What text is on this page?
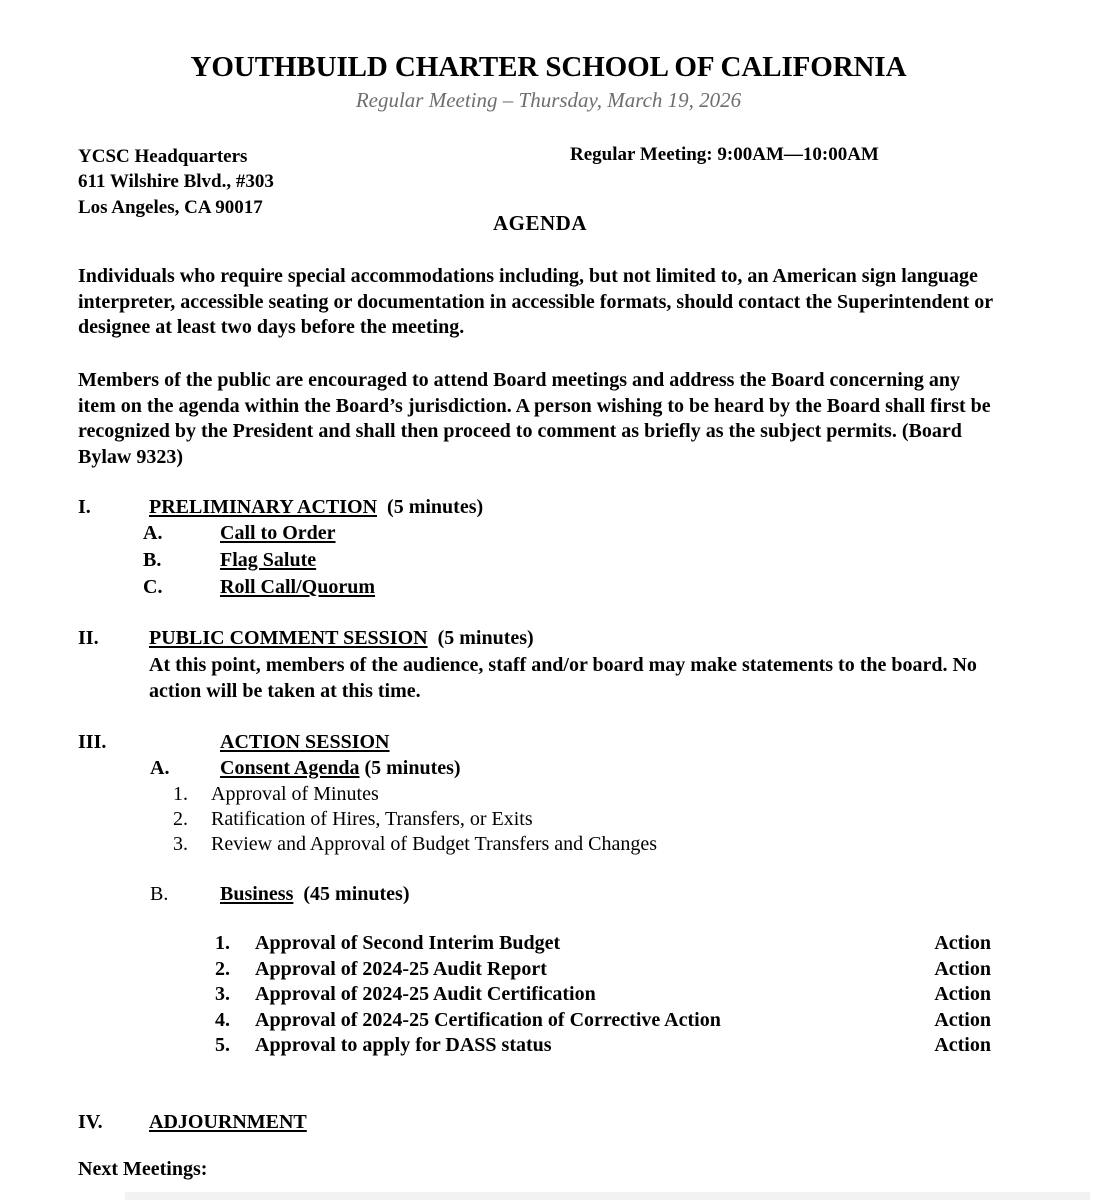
YOUTHBUILD CHARTER SCHOOL OF CALIFORNIA
Regular Meeting – Thursday, March 19, 2026
YCSC Headquarters
611 Wilshire Blvd., #303
Los Angeles, CA 90017
Regular Meeting: 9:00AM—10:00AM
AGENDA
Individuals who require special accommodations including, but not limited to, an American sign language interpreter, accessible seating or documentation in accessible formats, should contact the Superintendent or designee at least two days before the meeting.
Members of the public are encouraged to attend Board meetings and address the Board concerning any item on the agenda within the Board’s jurisdiction. A person wishing to be heard by the Board shall first be recognized by the President and shall then proceed to comment as briefly as the subject permits. (Board Bylaw 9323)
I.	PRELIMINARY ACTION (5 minutes)
A.	Call to Order
B.	Flag Salute
C.	Roll Call/Quorum
II.	PUBLIC COMMENT SESSION (5 minutes)
At this point, members of the audience, staff and/or board may make statements to the board. No action will be taken at this time.
III.	ACTION SESSION
A.	Consent Agenda (5 minutes)
1. Approval of Minutes
2. Ratification of Hires, Transfers, or Exits
3. Review and Approval of Budget Transfers and Changes
B.	Business (45 minutes)
1. Approval of Second Interim Budget	Action
2. Approval of 2024-25 Audit Report	Action
3. Approval of 2024-25 Audit Certification	Action
4. Approval of 2024-25 Certification of Corrective Action	Action
5. Approval to apply for DASS status	Action
IV. ADJOURNMENT
Next Meetings:
